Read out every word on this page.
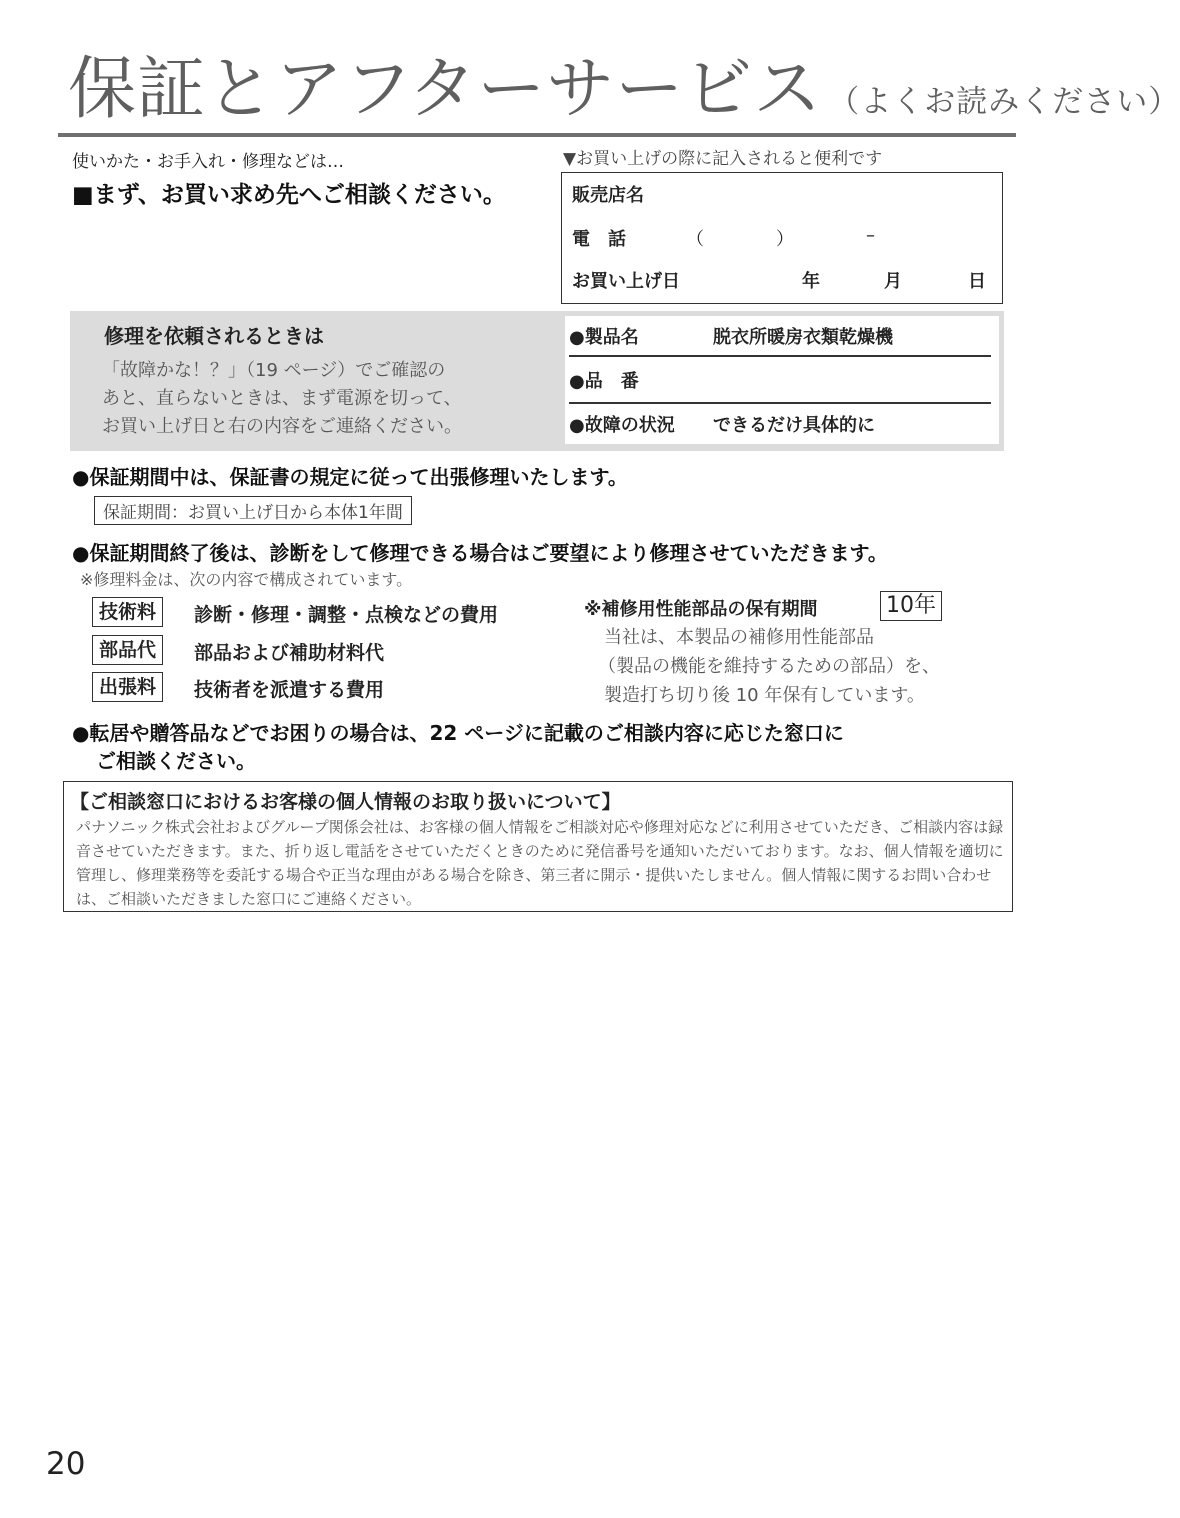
保証とアフターサービス （よくお読みください）
使いかた・お手入れ・修理などは…
■まず、お買い求め先へご相談ください。
▼お買い上げの際に記入されると便利です
販売店名
電　話	（	）	–
お買い上げ日	年	月	日
修理を依頼されるときは
「故障かな！？」（19 ページ）でご確認の
あと、直らないときは、まず電源を切って、
お買い上げ日と右の内容をご連絡ください。
●製品名	脱衣所暖房衣類乾燥機
●品　番
●故障の状況 できるだけ具体的に
●保証期間中は、保証書の規定に従って出張修理いたします。
保証期間：お買い上げ日から本体1年間
●保証期間終了後は、診断をして修理できる場合はご要望により修理させていただきます。
※修理料金は、次の内容で構成されています。
技術料	診断・修理・調整・点検などの費用
部品代	部品および補助材料代
出張料	技術者を派遣する費用
※補修用性能部品の保有期間	10年
当社は、本製品の補修用性能部品
（製品の機能を維持するための部品）を、
製造打ち切り後 10 年保有しています。
●転居や贈答品などでお困りの場合は、22 ページに記載のご相談内容に応じた窓口に
ご相談ください。
【ご相談窓口におけるお客様の個人情報のお取り扱いについて】
パナソニック株式会社およびグループ関係会社は、お客様の個人情報をご相談対応や修理対応などに利用させていただき、ご相談内容は録音させていただきます。また、折り返し電話をさせていただくときのために発信番号を通知いただいております。なお、個人情報を適切に管理し、修理業務等を委託する場合や正当な理由がある場合を除き、第三者に開示・提供いたしません。個人情報に関するお問い合わせは、ご相談いただきました窓口にご連絡ください。
20
